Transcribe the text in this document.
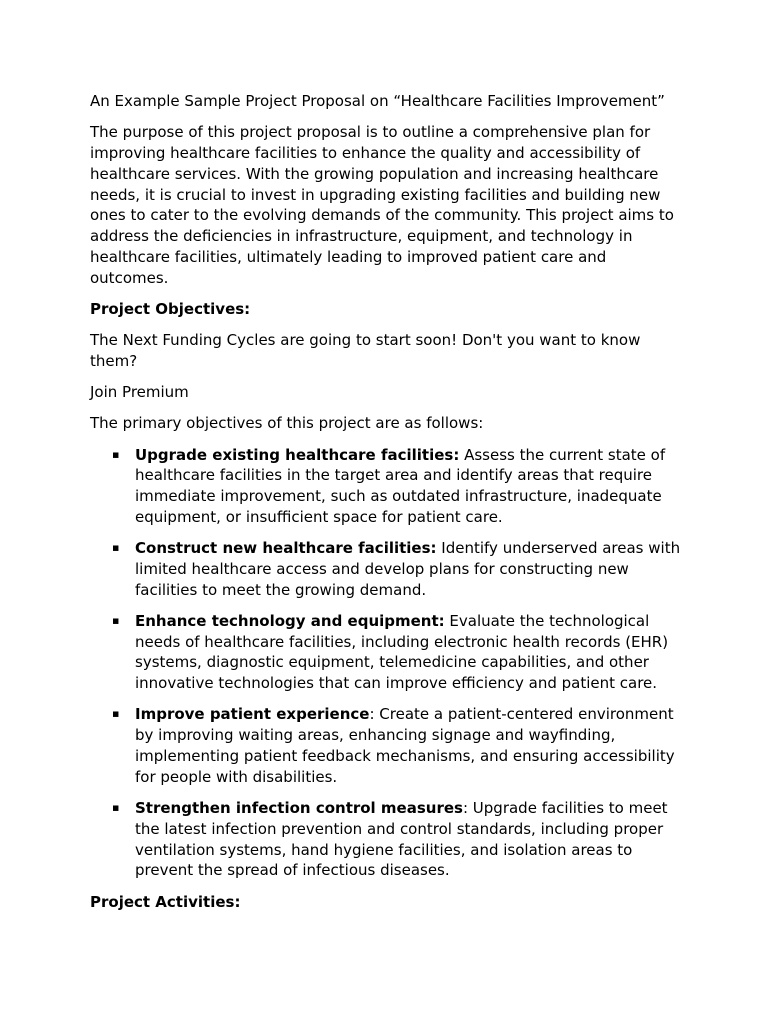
An Example Sample Project Proposal on “Healthcare Facilities Improvement”

The purpose of this project proposal is to outline a comprehensive plan for improving healthcare facilities to enhance the quality and accessibility of healthcare services. With the growing population and increasing healthcare needs, it is crucial to invest in upgrading existing facilities and building new ones to cater to the evolving demands of the community. This project aims to address the deficiencies in infrastructure, equipment, and technology in healthcare facilities, ultimately leading to improved patient care and outcomes.

Project Objectives:

The Next Funding Cycles are going to start soon! Don't you want to know them?

Join Premium

The primary objectives of this project are as follows:

▪ Upgrade existing healthcare facilities: Assess the current state of healthcare facilities in the target area and identify areas that require immediate improvement, such as outdated infrastructure, inadequate equipment, or insufficient space for patient care.
▪ Construct new healthcare facilities: Identify underserved areas with limited healthcare access and develop plans for constructing new facilities to meet the growing demand.
▪ Enhance technology and equipment: Evaluate the technological needs of healthcare facilities, including electronic health records (EHR) systems, diagnostic equipment, telemedicine capabilities, and other innovative technologies that can improve efficiency and patient care.
▪ Improve patient experience: Create a patient-centered environment by improving waiting areas, enhancing signage and wayfinding, implementing patient feedback mechanisms, and ensuring accessibility for people with disabilities.
▪ Strengthen infection control measures: Upgrade facilities to meet the latest infection prevention and control standards, including proper ventilation systems, hand hygiene facilities, and isolation areas to prevent the spread of infectious diseases.

Project Activities:
